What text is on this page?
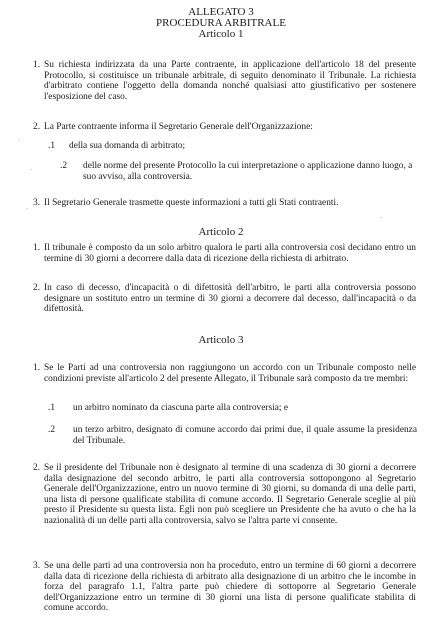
ALLEGATO 3
PROCEDURA ARBITRALE
Articolo 1
1. Su richiesta indirizzata da una Parte contraente, in applicazione dell'articolo 18 del presente Protocollo, si costituisce un tribunale arbitrale, di seguito denominato il Tribunale. La richiesta d'arbitrato contiene l'oggetto della domanda nonché qualsiasi atto giustificativo per sostenere l'esposizione del caso.
2. La Parte contraente informa il Segretario Generale dell'Organizzazione:
.1 della sua domanda di arbitrato;
.2 delle norme del presente Protocollo la cui interpretazione o applicazione danno luogo, a suo avviso, alla controversia.
3. Il Segretario Generale trasmette queste informazioni a tutti gli Stati contraenti.
Articolo 2
1. Il tribunale è composto da un solo arbitro qualora le parti alla controversia così decidano entro un termine di 30 giorni a decorrere dalla data di ricezione della richiesta di arbitrato.
2. In caso di decesso, d'incapacità o di difettosità dell'arbitro, le parti alla controversia possono designare un sostituto entro un termine di 30 giorni a decorrere dal decesso, dall'incapacità o da difettosità.
Articolo 3
1. Se le Parti ad una controversia non raggiungono un accordo con un Tribunale composto nelle condizioni previste all'articolo 2 del presente Allegato, il Tribunale sarà composto da tre membri:
.1 un arbitro nominato da ciascuna parte alla controversia; e
.2 un terzo arbitro, designato di comune accordo dai primi due, il quale assume la presidenza del Tribunale.
2. Se il presidente del Tribunale non è designato al termine di una scadenza di 30 giorni a decorrere dalla designazione del secondo arbitro, le parti alla controversia sottopongono al Segretario Generale dell'Organizzazione, entro un nuovo termine di 30 giorni, su domanda di una delle parti, una lista di persone qualificate stabilita di comune accordo. Il Segretario Generale sceglie al più presto il Presidente su questa lista. Egli non può scegliere un Presidente che ha avuto o che ha la nazionalità di un delle parti alla controversia, salvo se l'altra parte vi consente.
3. Se una delle parti ad una controversia non ha proceduto, entro un termine di 60 giorni a decorrere dalla data di ricezione della richiesta di arbitrato alla designazione di un arbitro che le incombe in forza del paragrafo 1.1, l'altra parte può chiedere di sottoporre al Segretario Generale dell'Organizzazione entro un termine di 30 giorni una lista di persone qualificate stabilita di comune accordo.
·
·
·
·
